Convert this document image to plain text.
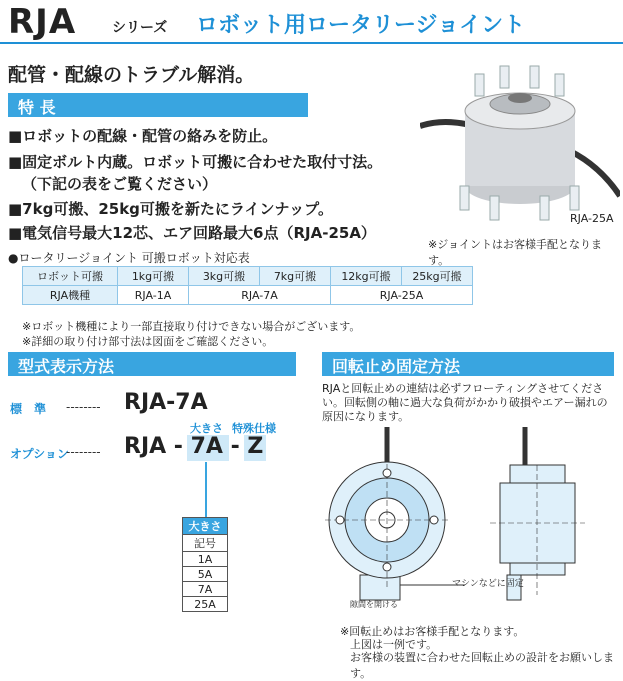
RJA	シリーズ ロボット用ロータリージョイント
配管・配線のトラブル解消。
特 長
■ロボットの配線・配管の絡みを防止。
■固定ボルト内蔵。ロボット可搬に合わせた取付寸法。
（下記の表をご覧ください）
■7kg可搬、25kg可搬を新たにラインナップ。
■電気信号最大12芯、エア回路最大6点（RJA-25A）
RJA-25A
※ジョイントはお客様手配となります。
●ロータリージョイント 可搬ロボット対応表
ロボット可搬	1kg可搬	3kg可搬	7kg可搬	12kg可搬	25kg可搬
RJA機種	RJA-1A	RJA-7A		RJA-25A	
※ロボット機種により一部直接取り付けできない場合がございます。
※詳細の取り付け部寸法は図面をご確認ください。
型式表示方法
標　準 -------- RJA-7A
大きさ 特殊仕様
オプション
-------- RJA - 7A - Z
大きさ
記号
1A
5A
7A
25A
回転止め固定方法
RJAと回転止めの連結は必ずフローティングさせてください。回転側の軸に過大な負荷がかかり破損やエアー漏れの原因になります。
マシンなどに固定
隙間を開ける
※回転止めはお客様手配となります。
上図は一例です。
お客様の装置に合わせた回転止めの設計をお願いします。
